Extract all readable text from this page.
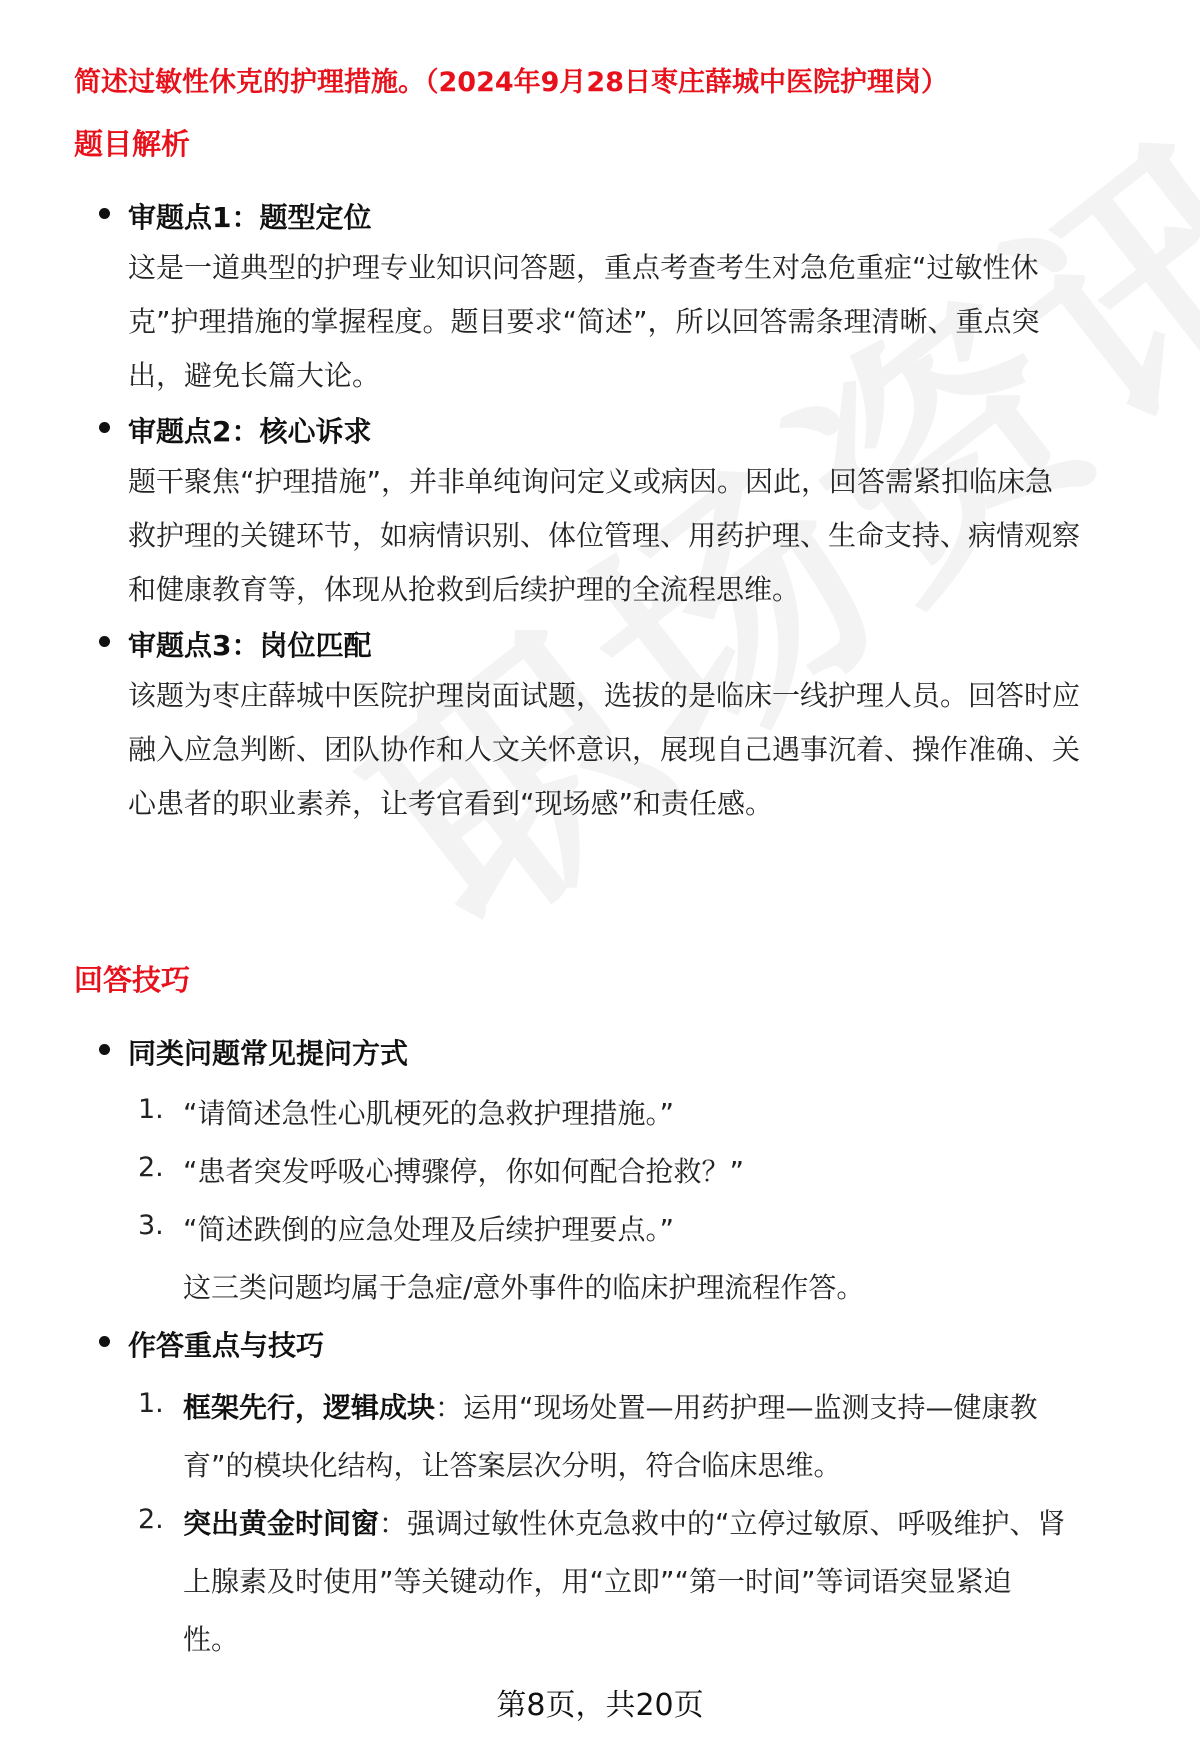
简述过敏性休克的护理措施。（2024年9月28日枣庄薛城中医院护理岗）
题目解析
审题点1：题型定位
这是一道典型的护理专业知识问答题，重点考查考生对急危重症“过敏性休
克”护理措施的掌握程度。题目要求“简述”，所以回答需条理清晰、重点突
出，避免长篇大论。
审题点2：核心诉求
题干聚焦“护理措施”，并非单纯询问定义或病因。因此，回答需紧扣临床急
救护理的关键环节，如病情识别、体位管理、用药护理、生命支持、病情观察
和健康教育等，体现从抢救到后续护理的全流程思维。
审题点3：岗位匹配
该题为枣庄薛城中医院护理岗面试题，选拔的是临床一线护理人员。回答时应
融入应急判断、团队协作和人文关怀意识，展现自己遇事沉着、操作准确、关
心患者的职业素养，让考官看到“现场感”和责任感。
回答技巧
同类问题常见提问方式
1. “请简述急性心肌梗死的急救护理措施。”
2. “患者突发呼吸心搏骤停，你如何配合抢救？”
3. “简述跌倒的应急处理及后续护理要点。”
这三类问题均属于急症/意外事件的临床护理流程作答。
作答重点与技巧
1. 框架先行，逻辑成块：运用“现场处置—用药护理—监测支持—健康教
育”的模块化结构，让答案层次分明，符合临床思维。
2. 突出黄金时间窗：强调过敏性休克急救中的“立停过敏原、呼吸维护、肾
上腺素及时使用”等关键动作，用“立即”“第一时间”等词语突显紧迫
性。
第8页，共20页
